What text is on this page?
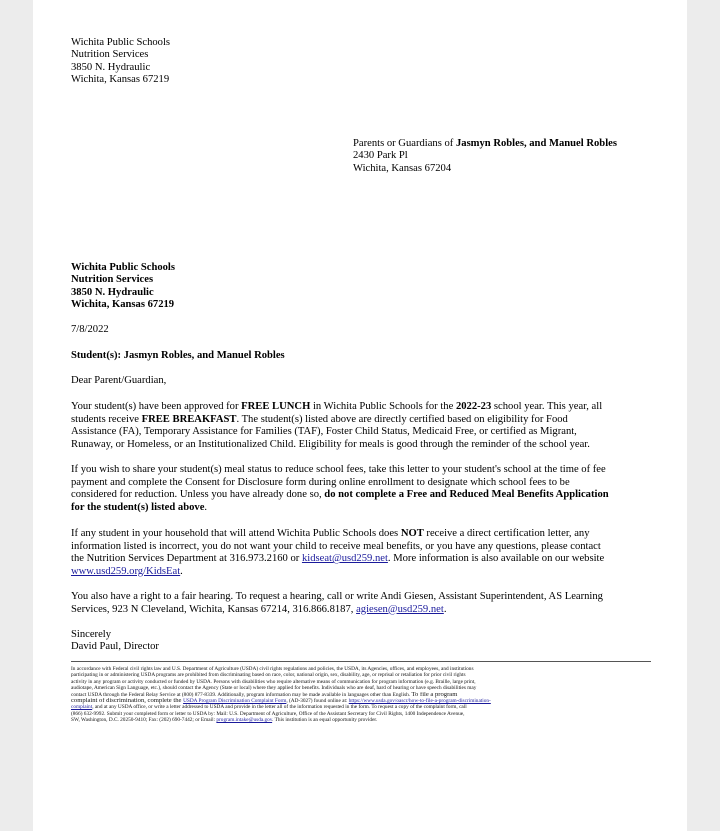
Wichita Public Schools
Nutrition Services
3850 N. Hydraulic
Wichita, Kansas 67219
Parents or Guardians of Jasmyn Robles, and Manuel Robles
2430 Park Pl
Wichita, Kansas 67204
Wichita Public Schools
Nutrition Services
3850 N. Hydraulic
Wichita, Kansas 67219
7/8/2022
Student(s): Jasmyn Robles, and Manuel Robles
Dear Parent/Guardian,
Your student(s) have been approved for FREE LUNCH in Wichita Public Schools for the 2022-23 school year. This year, all
students receive FREE BREAKFAST. The student(s) listed above are directly certified based on eligibility for Food
Assistance (FA), Temporary Assistance for Families (TAF), Foster Child Status, Medicaid Free, or certified as Migrant,
Runaway, or Homeless, or an Institutionalized Child. Eligibility for meals is good through the reminder of the school year.
If you wish to share your student(s) meal status to reduce school fees, take this letter to your student's school at the time of fee
payment and complete the Consent for Disclosure form during online enrollment to designate which school fees to be
considered for reduction. Unless you have already done so, do not complete a Free and Reduced Meal Benefits Application
for the student(s) listed above.
If any student in your household that will attend Wichita Public Schools does NOT receive a direct certification letter, any
information listed is incorrect, you do not want your child to receive meal benefits, or you have any questions, please contact
the Nutrition Services Department at 316.973.2160 or kidseat@usd259.net. More information is also available on our website
www.usd259.org/KidsEat.
You also have a right to a fair hearing. To request a hearing, call or write Andi Giesen, Assistant Superintendent, AS Learning
Services, 923 N Cleveland, Wichita, Kansas 67214, 316.866.8187, agiesen@usd259.net.
Sincerely
David Paul, Director
In accordance with Federal civil rights law and U.S. Department of Agriculture (USDA) civil rights regulations and policies, the USDA, its Agencies, offices, and employees, and institutions
participating in or administering USDA programs are prohibited from discriminating based on race, color, national origin, sex, disability, age, or reprisal or retaliation for prior civil rights
activity in any program or activity conducted or funded by USDA. Persons with disabilities who require alternative means of communication for program information (e.g. Braille, large print,
audiotape, American Sign Language, etc.), should contact the Agency (State or local) where they applied for benefits. Individuals who are deaf, hard of hearing or have speech disabilities may
contact USDA through the Federal Relay Service at (800) 877-8339. Additionally, program information may be made available in languages other than English. To file a program
complaint of discrimination, complete the USDA Program Discrimination Complaint Form, (AD-3027) found online at: https://www.usda.gov/oascr/how-to-file-a-program-discrimination-
complaint, and at any USDA office, or write a letter addressed to USDA and provide in the letter all of the information requested in the form. To request a copy of the complaint form, call
(866) 632-9992. Submit your completed form or letter to USDA by: Mail: U.S. Department of Agriculture, Office of the Assistant Secretary for Civil Rights, 1400 Independence Avenue,
SW, Washington, D.C. 20250-9410; Fax: (202) 690-7442; or Email: program.intake@usda.gov. This institution is an equal opportunity provider.
